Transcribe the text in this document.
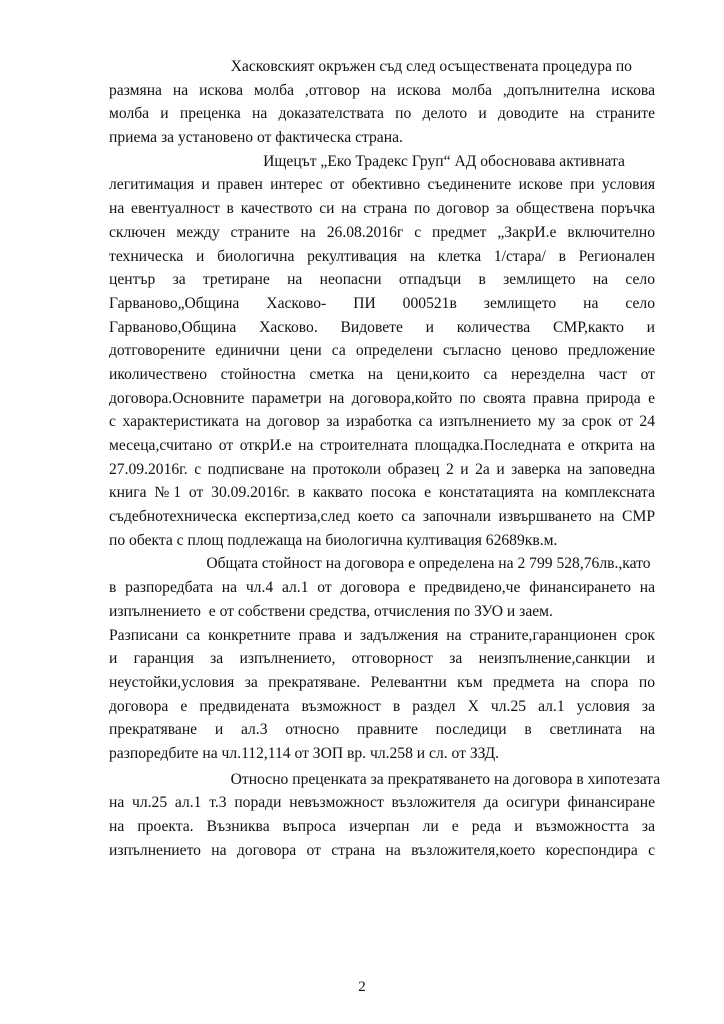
Хасковският окръжен съд след осъществената процедура по
размяна на искова молба ,отговор на искова молба ,допълнителна искова
молба и преценка на доказателствата по делото и доводите на страните
приема за установено от фактическа страна.

Ищецът „Еко Традекс Груп“ АД обосновава активната
легитимация и правен интерес от обективно съединените искове при условия
на евентуалност в качеството си на страна по договор за обществена поръчка
сключен между страните на 26.08.2016г с предмет „ЗакрИ.е включително
техническа и биологична рекултивация на клетка 1/стара/ в Регионален
център за третиране на неопасни отпадъци в землището на село
Гарваново„Община Хасково- ПИ 000521в землището на село
Гарваново,Община Хасково. Видовете и количества СМР,както и
дотговорените единични цени са определени съгласно ценово предложение
иколичествено стойностна сметка на цени,които са нерезделна част от
договора.Основните параметри на договора,който по своята правна природа е
с характеристиката на договор за изработка са изпълнението му за срок от 24
месеца,считано от открИ.е на строителната площадка.Последната е открита на
27.09.2016г. с подписване на протоколи образец 2 и 2а и заверка на заповедна
книга №1 от 30.09.2016г. в каквато посока е констатацията на комплексната
съдебнотехническа експертиза,след което са започнали извършването на СМР
по обекта с площ подлежаща на биологична култивация 62689кв.м.

Общата стойност на договора е определена на 2 799 528,76лв.,като
в разпоредбата на чл.4 ал.1 от договора е предвидено,че финансирането на
изпълнението  е от собствени средства, отчисления по ЗУО и заем.

Разписани са конкретните права и задължения на страните,гаранционен срок
и гаранция за изпълнението, отговорност за неизпълнение,санкции и
неустойки,условия за прекратяване. Релевантни към предмета на спора по
договора е предвидената възможност в раздел Х чл.25 ал.1 условия за
прекратяване и ал.3 относно правните последици в светлината на
разпоредбите на чл.112,114 от ЗОП вр. чл.258 и сл. от ЗЗД.

Относно преценката за прекратяването на договора в хипотезата
на чл.25 ал.1 т.3 поради невъзможност възложителя да осигури финансиране
на проекта. Възниква въпроса изчерпан ли е реда и възможността за
изпълнението на договора от страна на възложителя,което кореспондира с

2
